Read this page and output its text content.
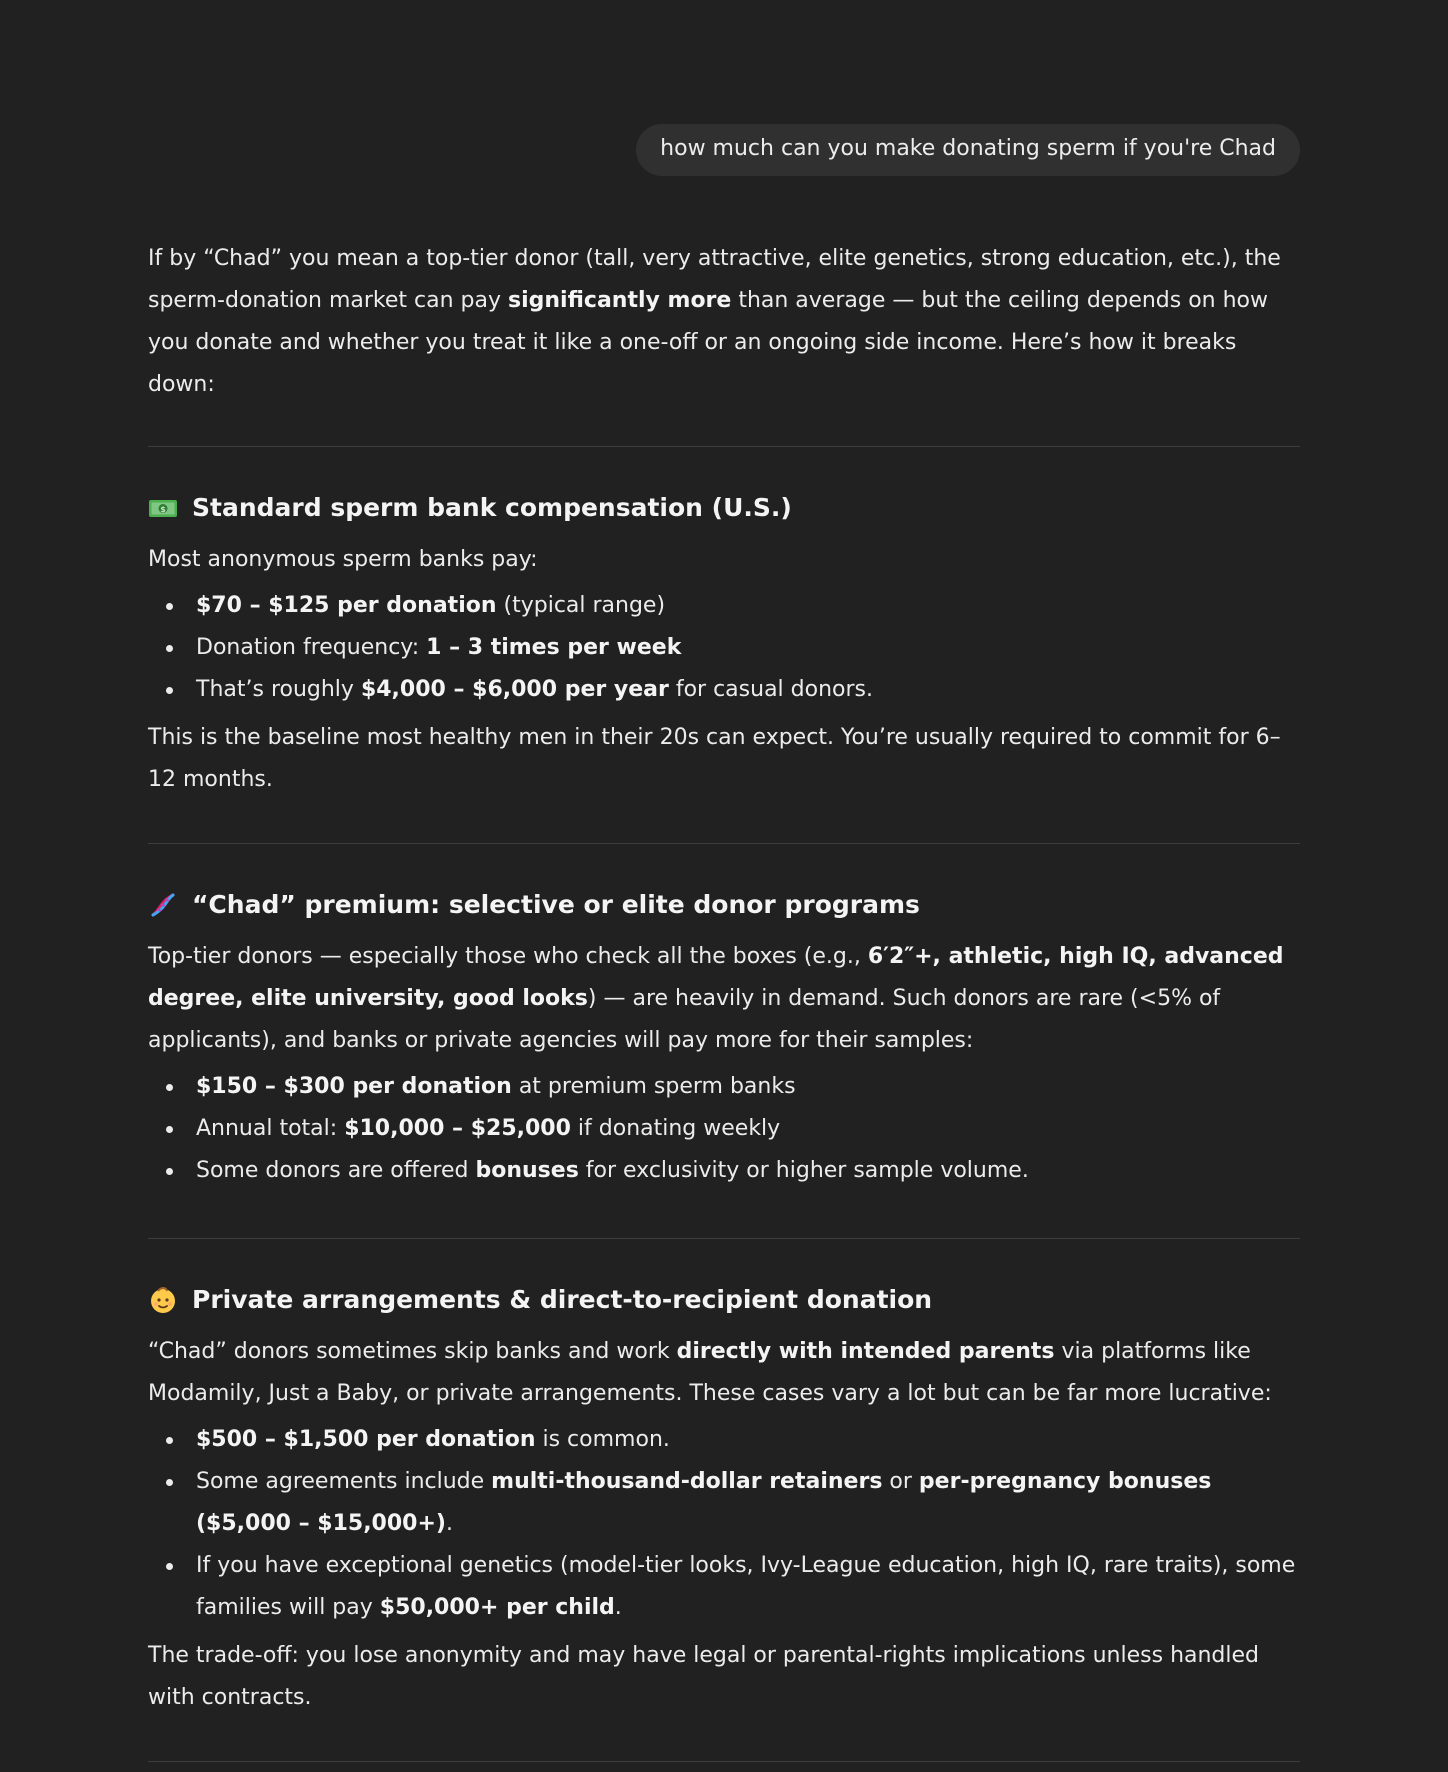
how much can you make donating sperm if you're Chad

If by “Chad” you mean a top-tier donor (tall, very attractive, elite genetics, strong education, etc.), the sperm-donation market can pay significantly more than average — but the ceiling depends on how you donate and whether you treat it like a one-off or an ongoing side income. Here’s how it breaks down:

$ Standard sperm bank compensation (U.S.)

Most anonymous sperm banks pay:

$70 – $125 per donation (typical range)
Donation frequency: 1 – 3 times per week
That’s roughly $4,000 – $6,000 per year for casual donors.

This is the baseline most healthy men in their 20s can expect. You’re usually required to commit for 6–12 months.

“Chad” premium: selective or elite donor programs

Top-tier donors — especially those who check all the boxes (e.g., 6′2″+, athletic, high IQ, advanced degree, elite university, good looks) — are heavily in demand. Such donors are rare (<5% of applicants), and banks or private agencies will pay more for their samples:

$150 – $300 per donation at premium sperm banks
Annual total: $10,000 – $25,000 if donating weekly
Some donors are offered bonuses for exclusivity or higher sample volume.
Private arrangements & direct-to-recipient donation

“Chad” donors sometimes skip banks and work directly with intended parents via platforms like Modamily, Just a Baby, or private arrangements. These cases vary a lot but can be far more lucrative:

$500 – $1,500 per donation is common.
Some agreements include multi-thousand-dollar retainers or per-pregnancy bonuses ($5,000 – $15,000+).
If you have exceptional genetics (model-tier looks, Ivy-League education, high IQ, rare traits), some families will pay $50,000+ per child.

The trade-off: you lose anonymity and may have legal or parental-rights implications unless handled with contracts.
